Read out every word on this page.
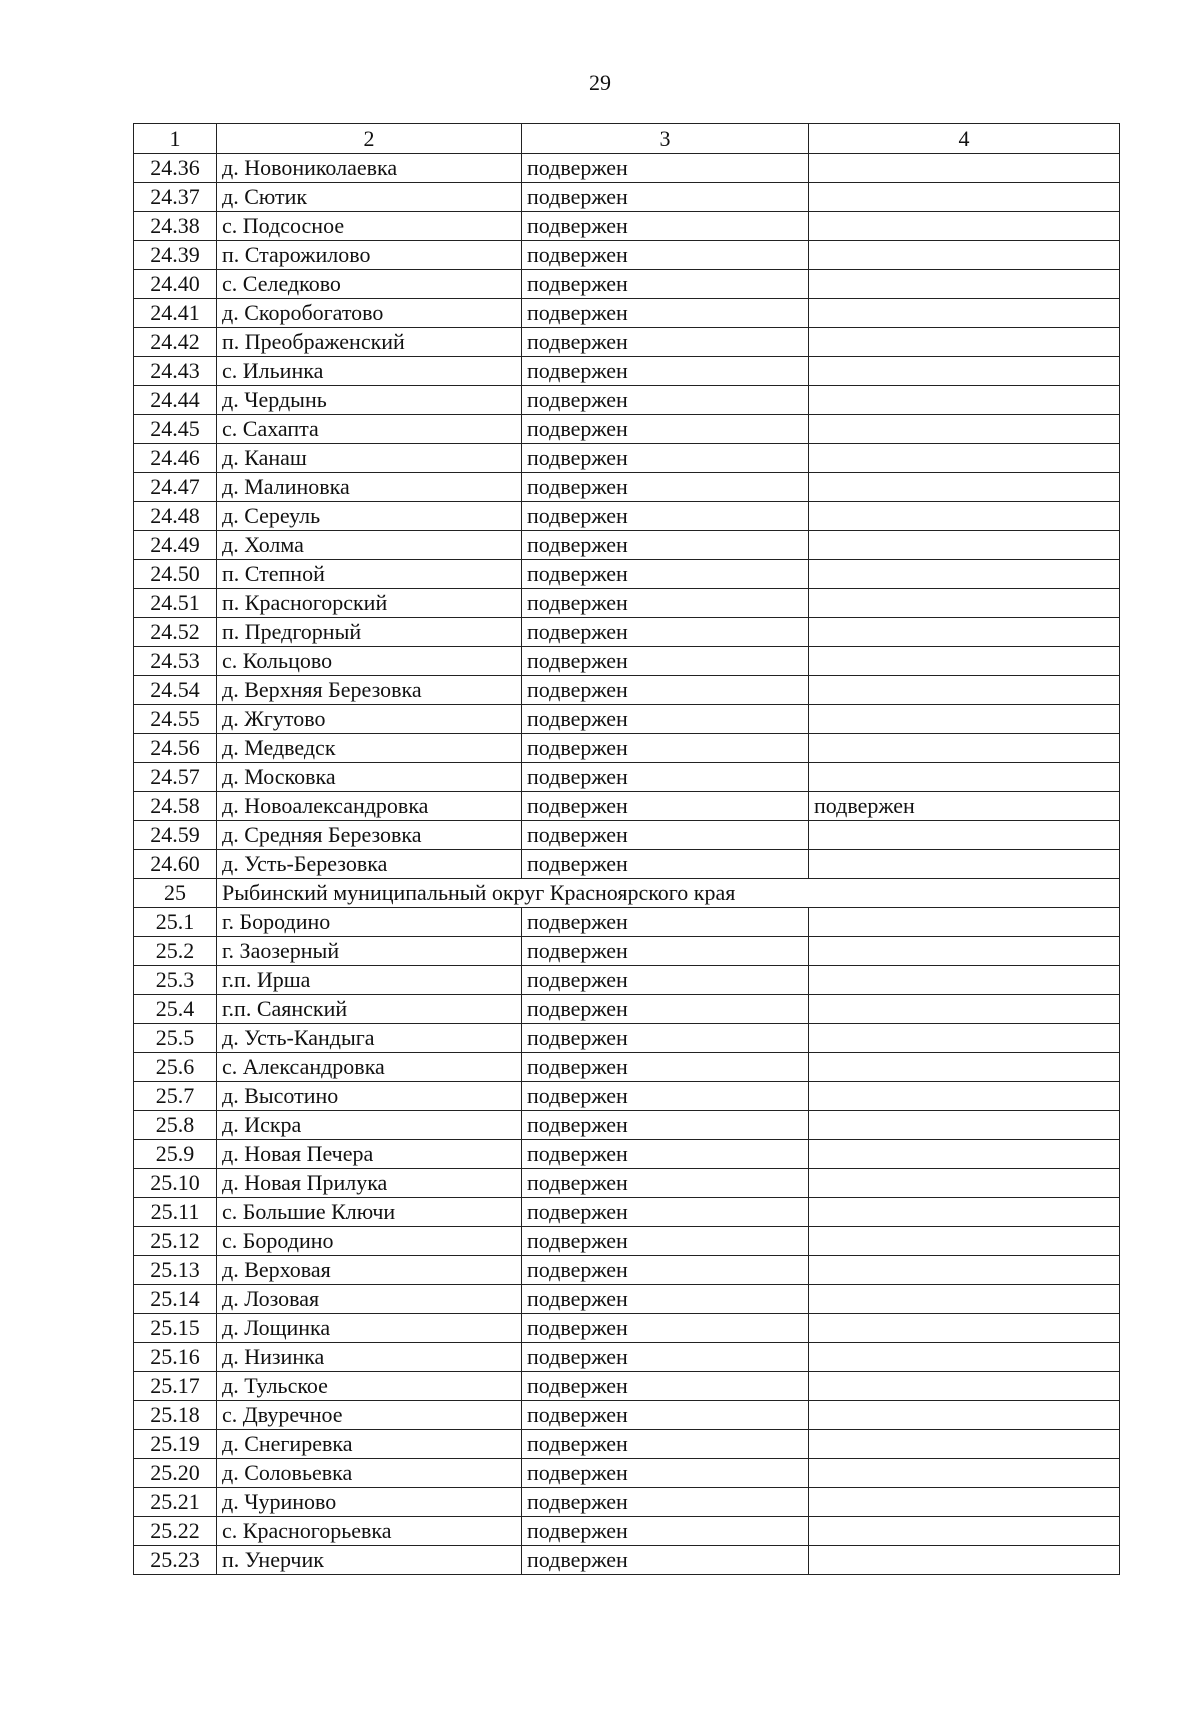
29
1	2	3	4
24.36	д. Новониколаевка	подвержен	
24.37	д. Сютик	подвержен	
24.38	с. Подсосное	подвержен	
24.39	п. Старожилово	подвержен	
24.40	с. Селедково	подвержен	
24.41	д. Скоробогатово	подвержен	
24.42	п. Преображенский	подвержен	
24.43	с. Ильинка	подвержен	
24.44	д. Чердынь	подвержен	
24.45	с. Сахапта	подвержен	
24.46	д. Канаш	подвержен	
24.47	д. Малиновка	подвержен	
24.48	д. Сереуль	подвержен	
24.49	д. Холма	подвержен	
24.50	п. Степной	подвержен	
24.51	п. Красногорский	подвержен	
24.52	п. Предгорный	подвержен	
24.53	с. Кольцово	подвержен	
24.54	д. Верхняя Березовка	подвержен	
24.55	д. Жгутово	подвержен	
24.56	д. Медведск	подвержен	
24.57	д. Московка	подвержен	
24.58	д. Новоалександровка	подвержен	подвержен
24.59	д. Средняя Березовка	подвержен	
24.60	д. Усть-Березовка	подвержен	
25	Рыбинский муниципальный округ Красноярского края		
25.1	г. Бородино	подвержен	
25.2	г. Заозерный	подвержен	
25.3	г.п. Ирша	подвержен	
25.4	г.п. Саянский	подвержен	
25.5	д. Усть-Кандыга	подвержен	
25.6	с. Александровка	подвержен	
25.7	д. Высотино	подвержен	
25.8	д. Искра	подвержен	
25.9	д. Новая Печера	подвержен	
25.10	д. Новая Прилука	подвержен	
25.11	с. Большие Ключи	подвержен	
25.12	с. Бородино	подвержен	
25.13	д. Верховая	подвержен	
25.14	д. Лозовая	подвержен	
25.15	д. Лощинка	подвержен	
25.16	д. Низинка	подвержен	
25.17	д. Тульское	подвержен	
25.18	с. Двуречное	подвержен	
25.19	д. Снегиревка	подвержен	
25.20	д. Соловьевка	подвержен	
25.21	д. Чуриново	подвержен	
25.22	с. Красногорьевка	подвержен	
25.23	п. Унерчик	подвержен	
